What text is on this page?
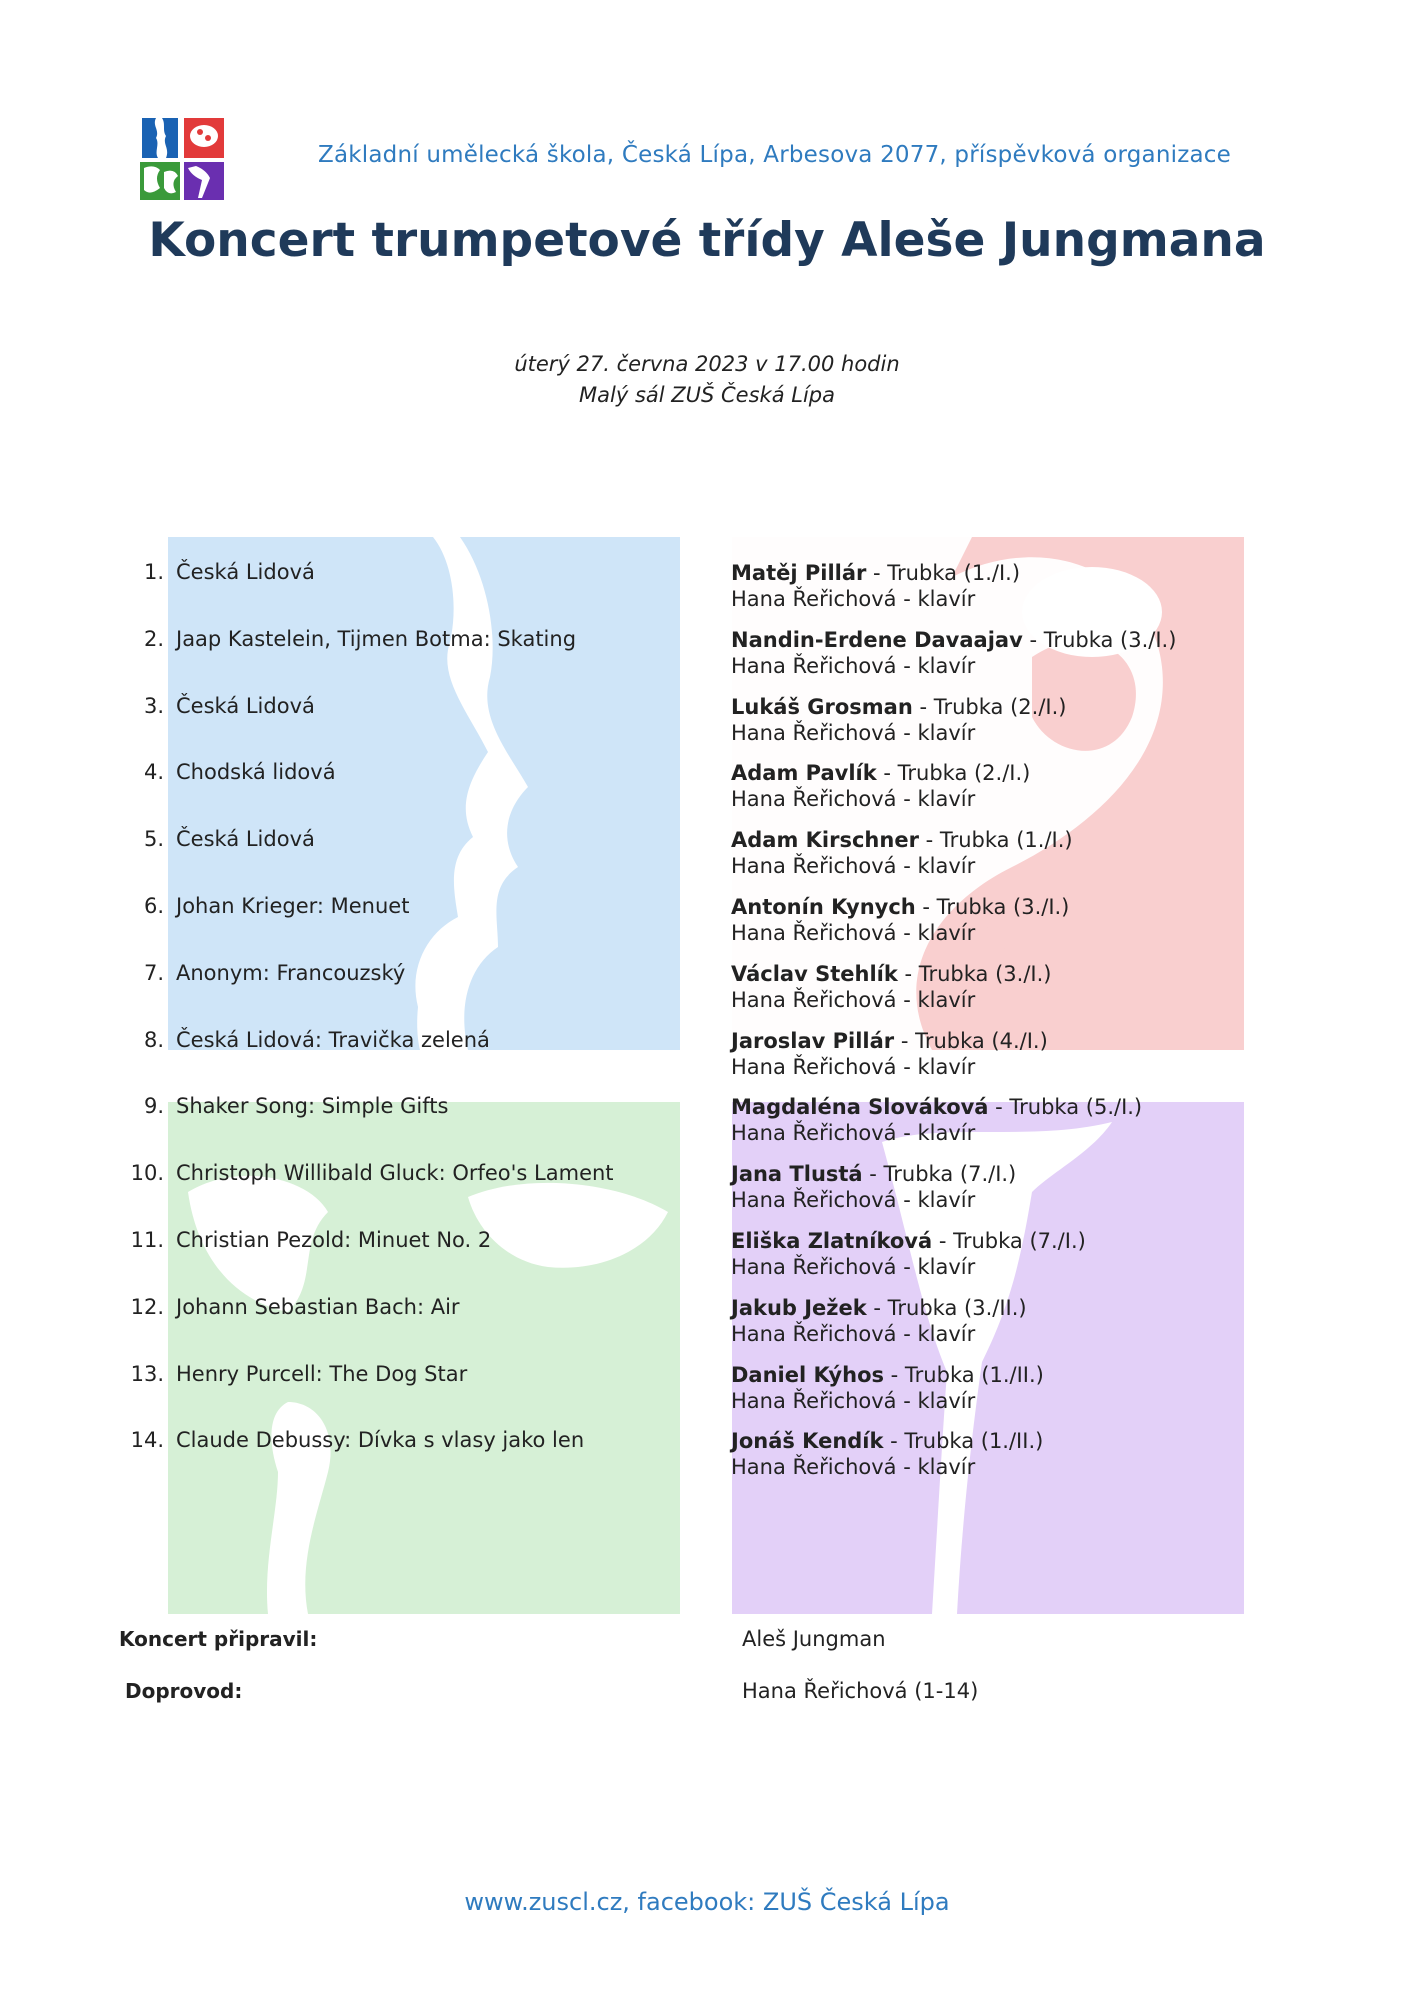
Základní umělecká škola, Česká Lípa, Arbesova 2077, příspěvková organizace
Koncert trumpetové třídy Aleše Jungmana
úterý 27. června 2023 v 17.00 hodin
Malý sál ZUŠ Česká Lípa
1. Česká Lidová	Matěj Pillár - Trubka (1./I.)
Hana Řeřichová - klavír
2. Jaap Kastelein, Tijmen Botma: Skating	Nandin-Erdene Davaajav - Trubka (3./I.)
Hana Řeřichová - klavír
3. Česká Lidová	Lukáš Grosman - Trubka (2./I.)
Hana Řeřichová - klavír
4. Chodská lidová	Adam Pavlík - Trubka (2./I.)
Hana Řeřichová - klavír
5. Česká Lidová	Adam Kirschner - Trubka (1./I.)
Hana Řeřichová - klavír
6. Johan Krieger: Menuet	Antonín Kynych - Trubka (3./I.)
Hana Řeřichová - klavír
7. Anonym: Francouzský	Václav Stehlík - Trubka (3./I.)
Hana Řeřichová - klavír
8. Česká Lidová: Travička zelená	Jaroslav Pillár - Trubka (4./I.)
Hana Řeřichová - klavír
9. Shaker Song: Simple Gifts	Magdaléna Slováková - Trubka (5./I.)
Hana Řeřichová - klavír
10. Christoph Willibald Gluck: Orfeo's Lament	Jana Tlustá - Trubka (7./I.)
Hana Řeřichová - klavír
11. Christian Pezold: Minuet No. 2	Eliška Zlatníková - Trubka (7./I.)
Hana Řeřichová - klavír
12. Johann Sebastian Bach: Air	Jakub Ježek - Trubka (3./II.)
Hana Řeřichová - klavír
13. Henry Purcell: The Dog Star	Daniel Kýhos - Trubka (1./II.)
Hana Řeřichová - klavír
14. Claude Debussy: Dívka s vlasy jako len	Jonáš Kendík - Trubka (1./II.)
Hana Řeřichová - klavír
Koncert připravil:	Aleš Jungman
Doprovod:	Hana Řeřichová (1-14)
www.zuscl.cz, facebook: ZUŠ Česká Lípa
